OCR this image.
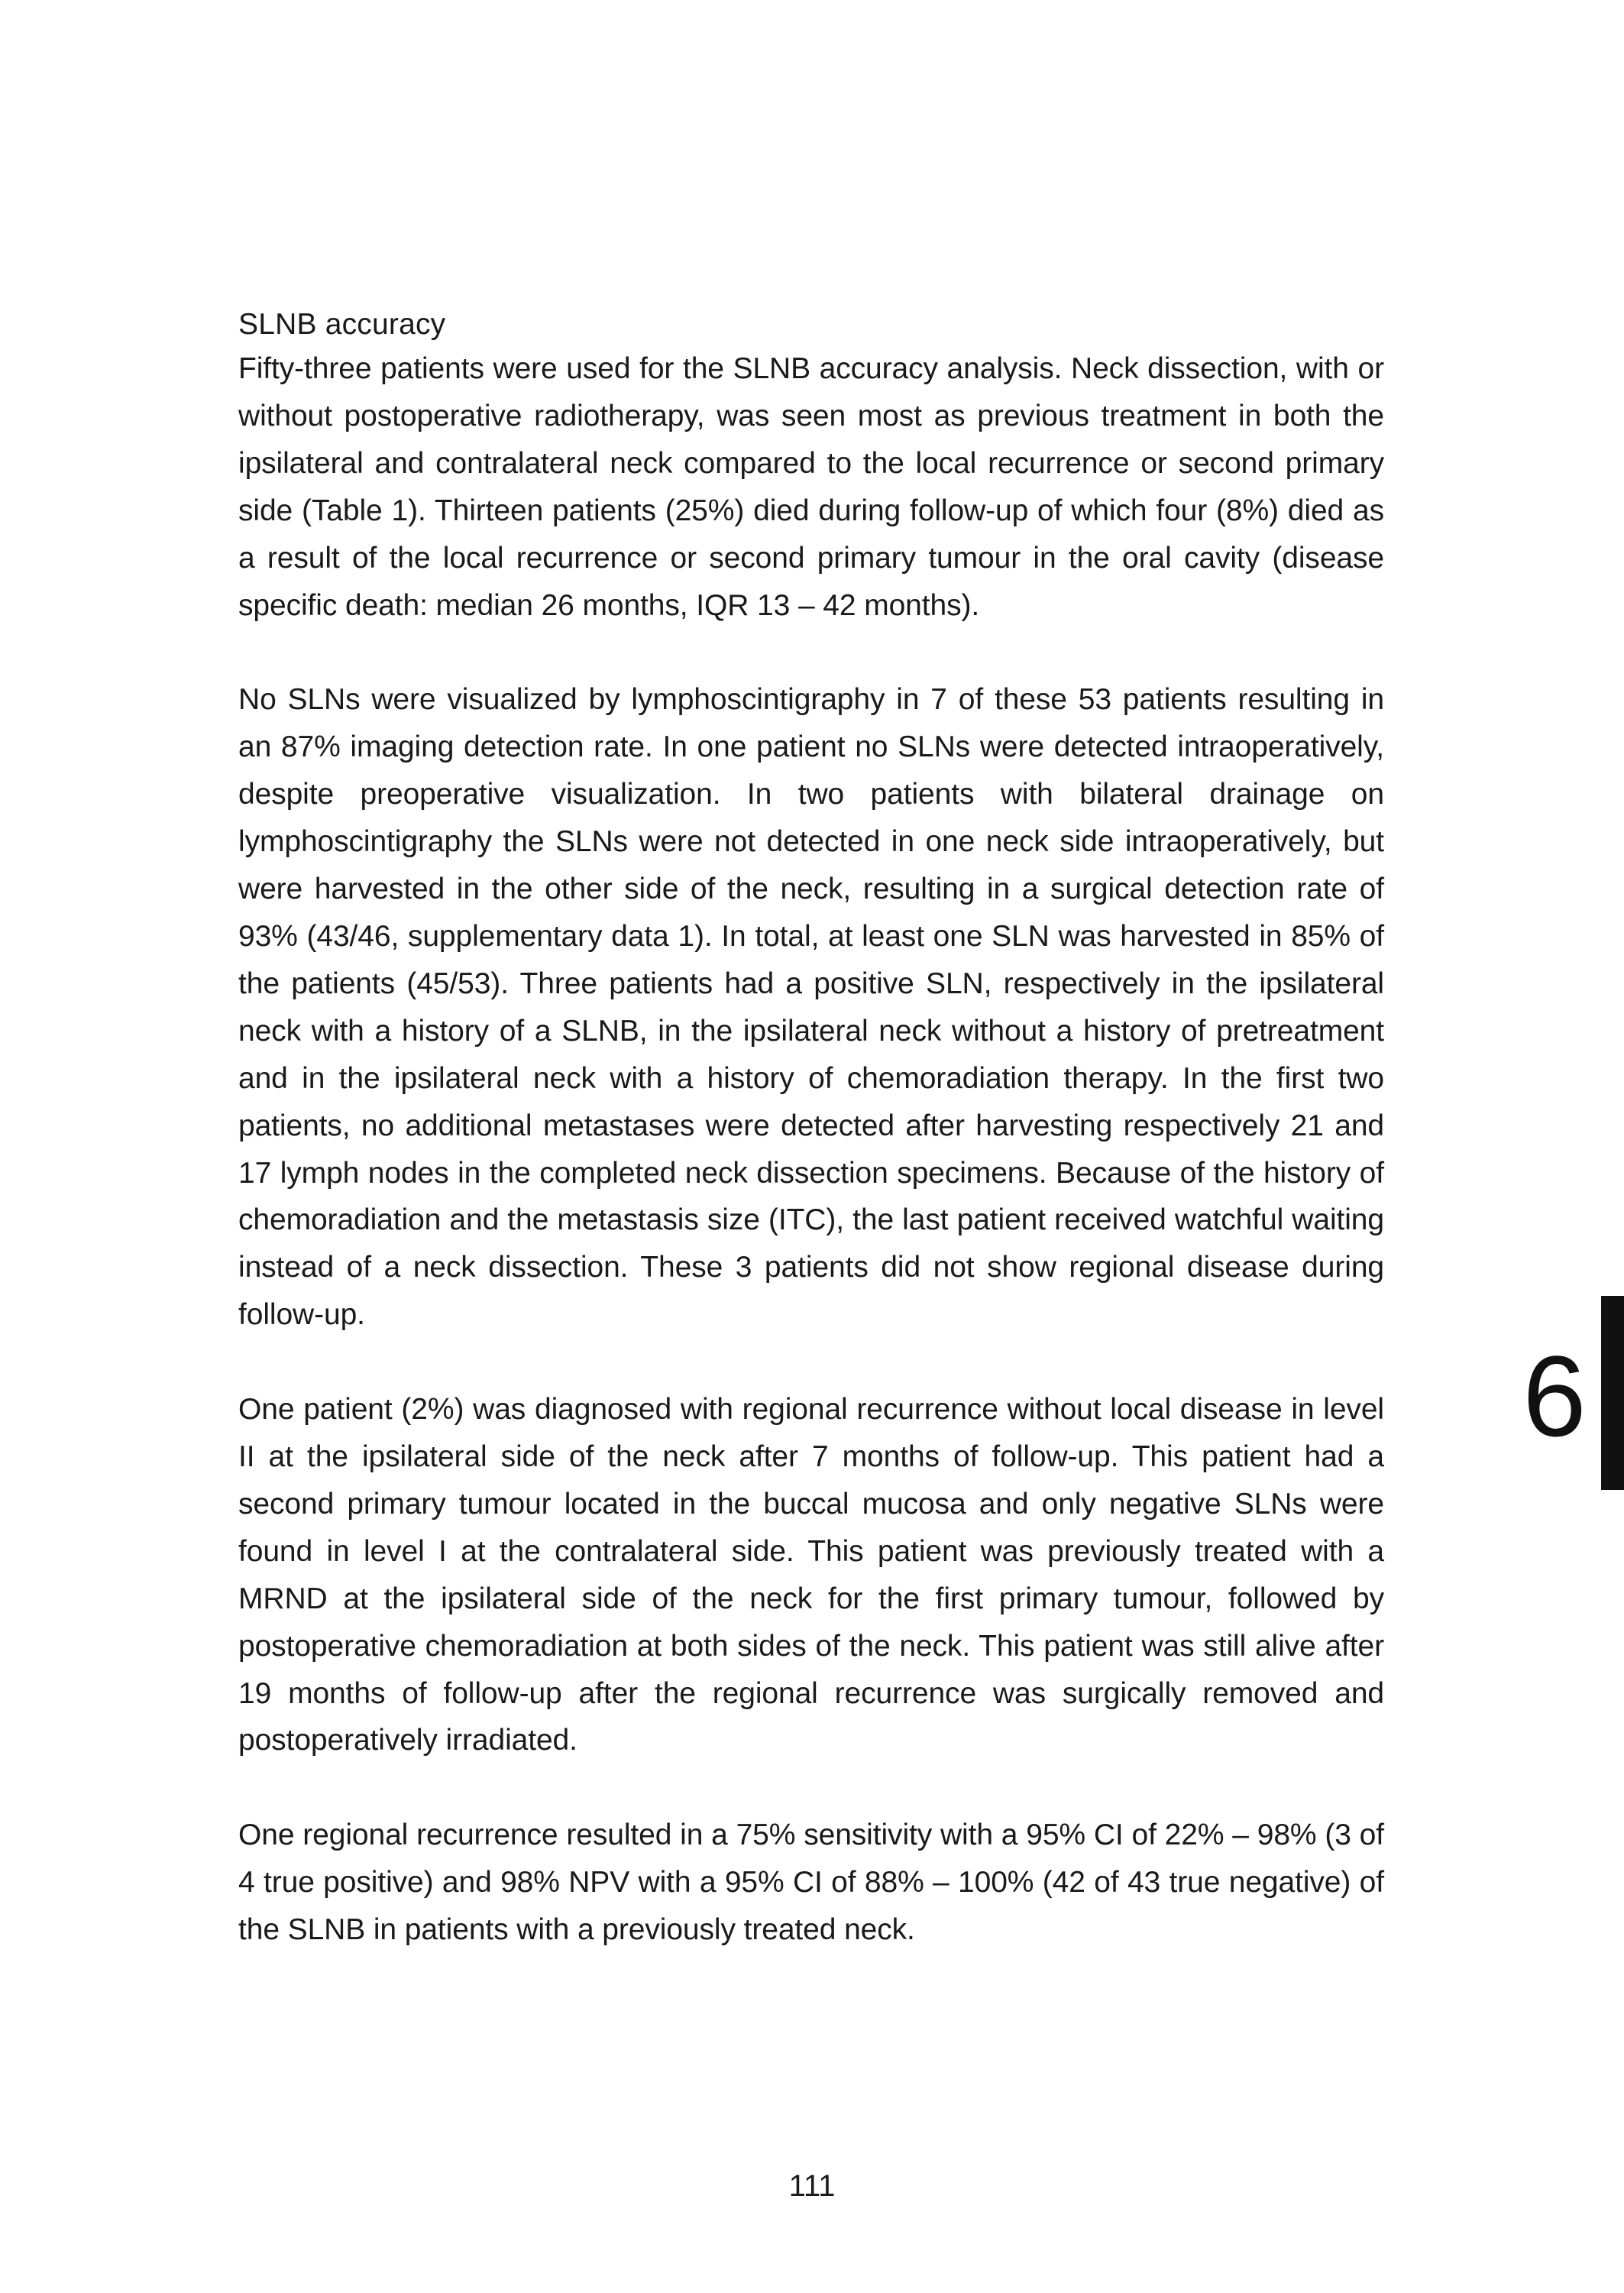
SLNB accuracy

Fifty-three patients were used for the SLNB accuracy analysis. Neck dissection, with or without postoperative radiotherapy, was seen most as previous treatment in both the ipsilateral and contralateral neck compared to the local recurrence or second primary side (Table 1). Thirteen patients (25%) died during follow-up of which four (8%) died as a result of the local recurrence or second primary tumour in the oral cavity (disease specific death: median 26 months, IQR 13 – 42 months).

No SLNs were visualized by lymphoscintigraphy in 7 of these 53 patients resulting in an 87% imaging detection rate. In one patient no SLNs were detected intraoperatively, despite preoperative visualization. In two patients with bilateral drainage on lymphoscintigraphy the SLNs were not detected in one neck side intraoperatively, but were harvested in the other side of the neck, resulting in a surgical detection rate of 93% (43/46, supplementary data 1). In total, at least one SLN was harvested in 85% of the patients (45/53). Three patients had a positive SLN, respectively in the ipsilateral neck with a history of a SLNB, in the ipsilateral neck without a history of pretreatment and in the ipsilateral neck with a history of chemoradiation therapy. In the first two patients, no additional metastases were detected after harvesting respectively 21 and 17 lymph nodes in the completed neck dissection specimens. Because of the history of chemoradiation and the metastasis size (ITC), the last patient received watchful waiting instead of a neck dissection. These 3 patients did not show regional disease during follow-up.

One patient (2%) was diagnosed with regional recurrence without local disease in level II at the ipsilateral side of the neck after 7 months of follow-up. This patient had a second primary tumour located in the buccal mucosa and only negative SLNs were found in level I at the contralateral side. This patient was previously treated with a MRND at the ipsilateral side of the neck for the first primary tumour, followed by postoperative chemoradiation at both sides of the neck. This patient was still alive after 19 months of follow-up after the regional recurrence was surgically removed and postoperatively irradiated.

One regional recurrence resulted in a 75% sensitivity with a 95% CI of 22% – 98% (3 of 4 true positive) and 98% NPV with a 95% CI of 88% – 100% (42 of 43 true negative) of the SLNB in patients with a previously treated neck.

6
111
